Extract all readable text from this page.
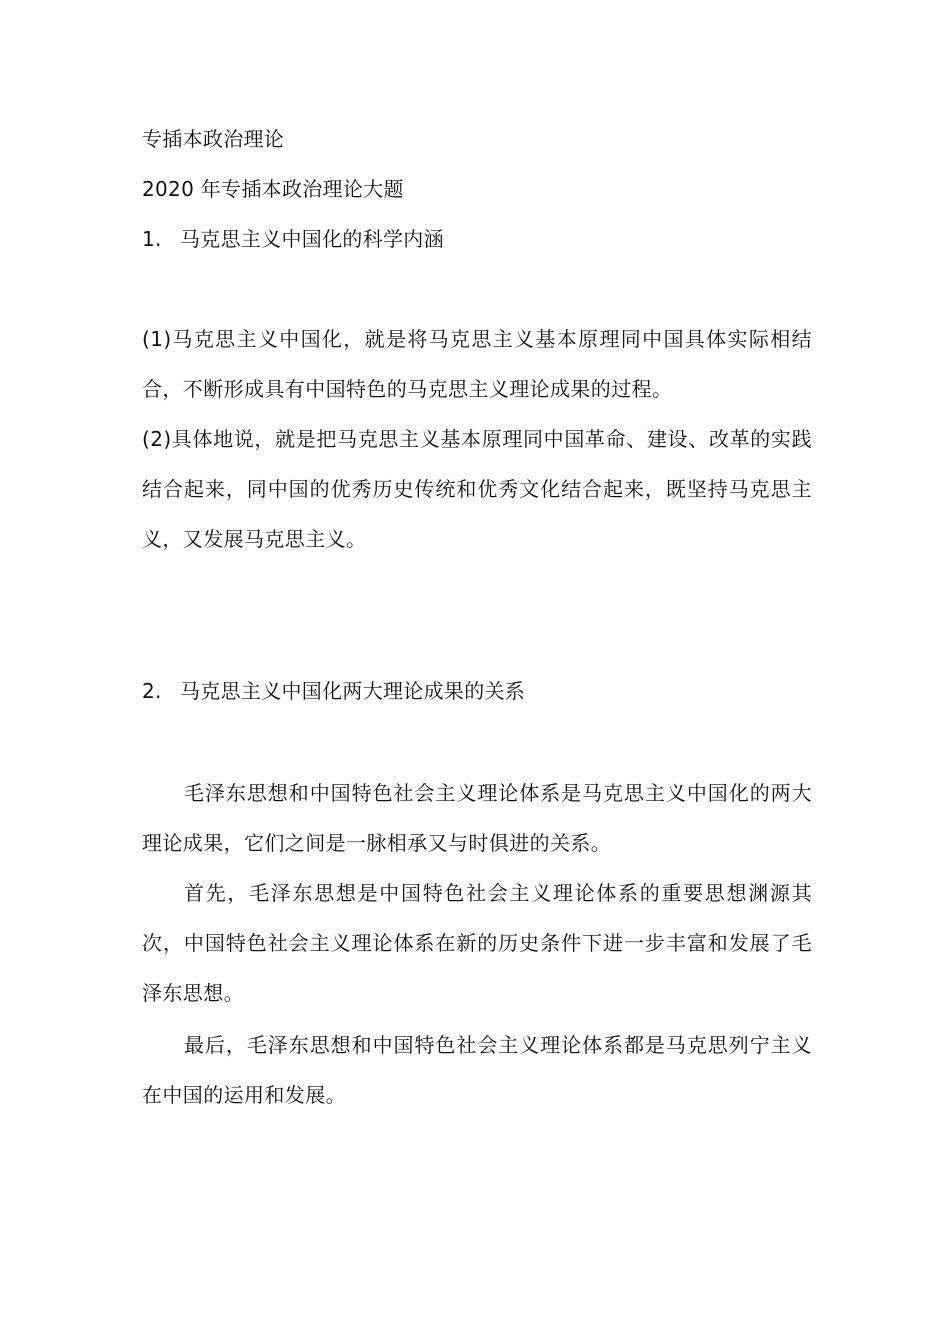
专插本政治理论

2020 年专插本政治理论大题

1. 马克思主义中国化的科学内涵

(1)马克思主义中国化，就是将马克思主义基本原理同中国具体实际相结合，不断形成具有中国特色的马克思主义理论成果的过程。

(2)具体地说，就是把马克思主义基本原理同中国革命、建设、改革的实践结合起来，同中国的优秀历史传统和优秀文化结合起来，既坚持马克思主义，又发展马克思主义。

2. 马克思主义中国化两大理论成果的关系

毛泽东思想和中国特色社会主义理论体系是马克思主义中国化的两大理论成果，它们之间是一脉相承又与时俱进的关系。

首先，毛泽东思想是中国特色社会主义理论体系的重要思想渊源其次，中国特色社会主义理论体系在新的历史条件下进一步丰富和发展了毛泽东思想。

最后，毛泽东思想和中国特色社会主义理论体系都是马克思列宁主义在中国的运用和发展。
